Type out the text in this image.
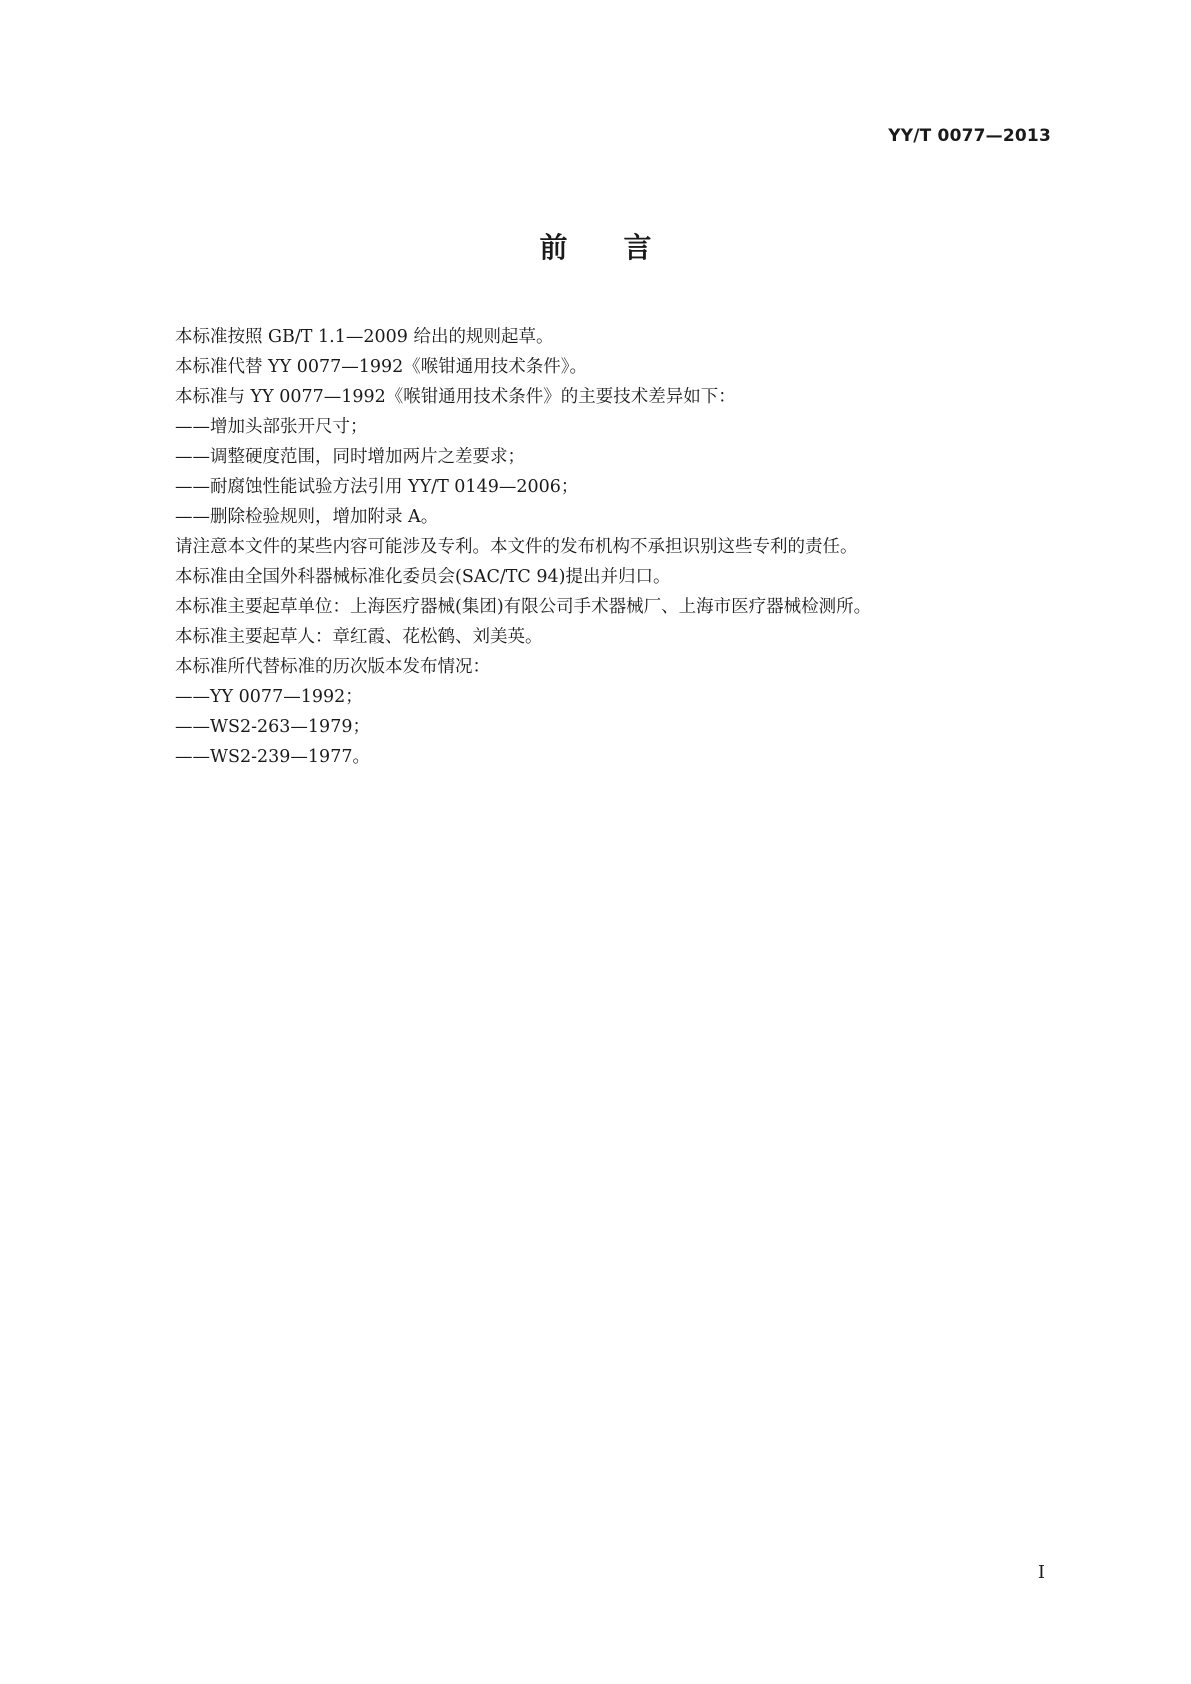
YY/T 0077—2013
前言
本标准按照 GB/T 1.1—2009 给出的规则起草。
本标准代替 YY 0077—1992《喉钳通用技术条件》。
本标准与 YY 0077—1992《喉钳通用技术条件》的主要技术差异如下：
——增加头部张开尺寸；
——调整硬度范围，同时增加两片之差要求；
——耐腐蚀性能试验方法引用 YY/T 0149—2006；
——删除检验规则，增加附录 A。
请注意本文件的某些内容可能涉及专利。本文件的发布机构不承担识别这些专利的责任。
本标准由全国外科器械标准化委员会(SAC/TC 94)提出并归口。
本标准主要起草单位：上海医疗器械(集团)有限公司手术器械厂、上海市医疗器械检测所。
本标准主要起草人：章红霞、花松鹤、刘美英。
本标准所代替标准的历次版本发布情况：
——YY 0077—1992；
——WS2-263—1979；
——WS2-239—1977。
I
